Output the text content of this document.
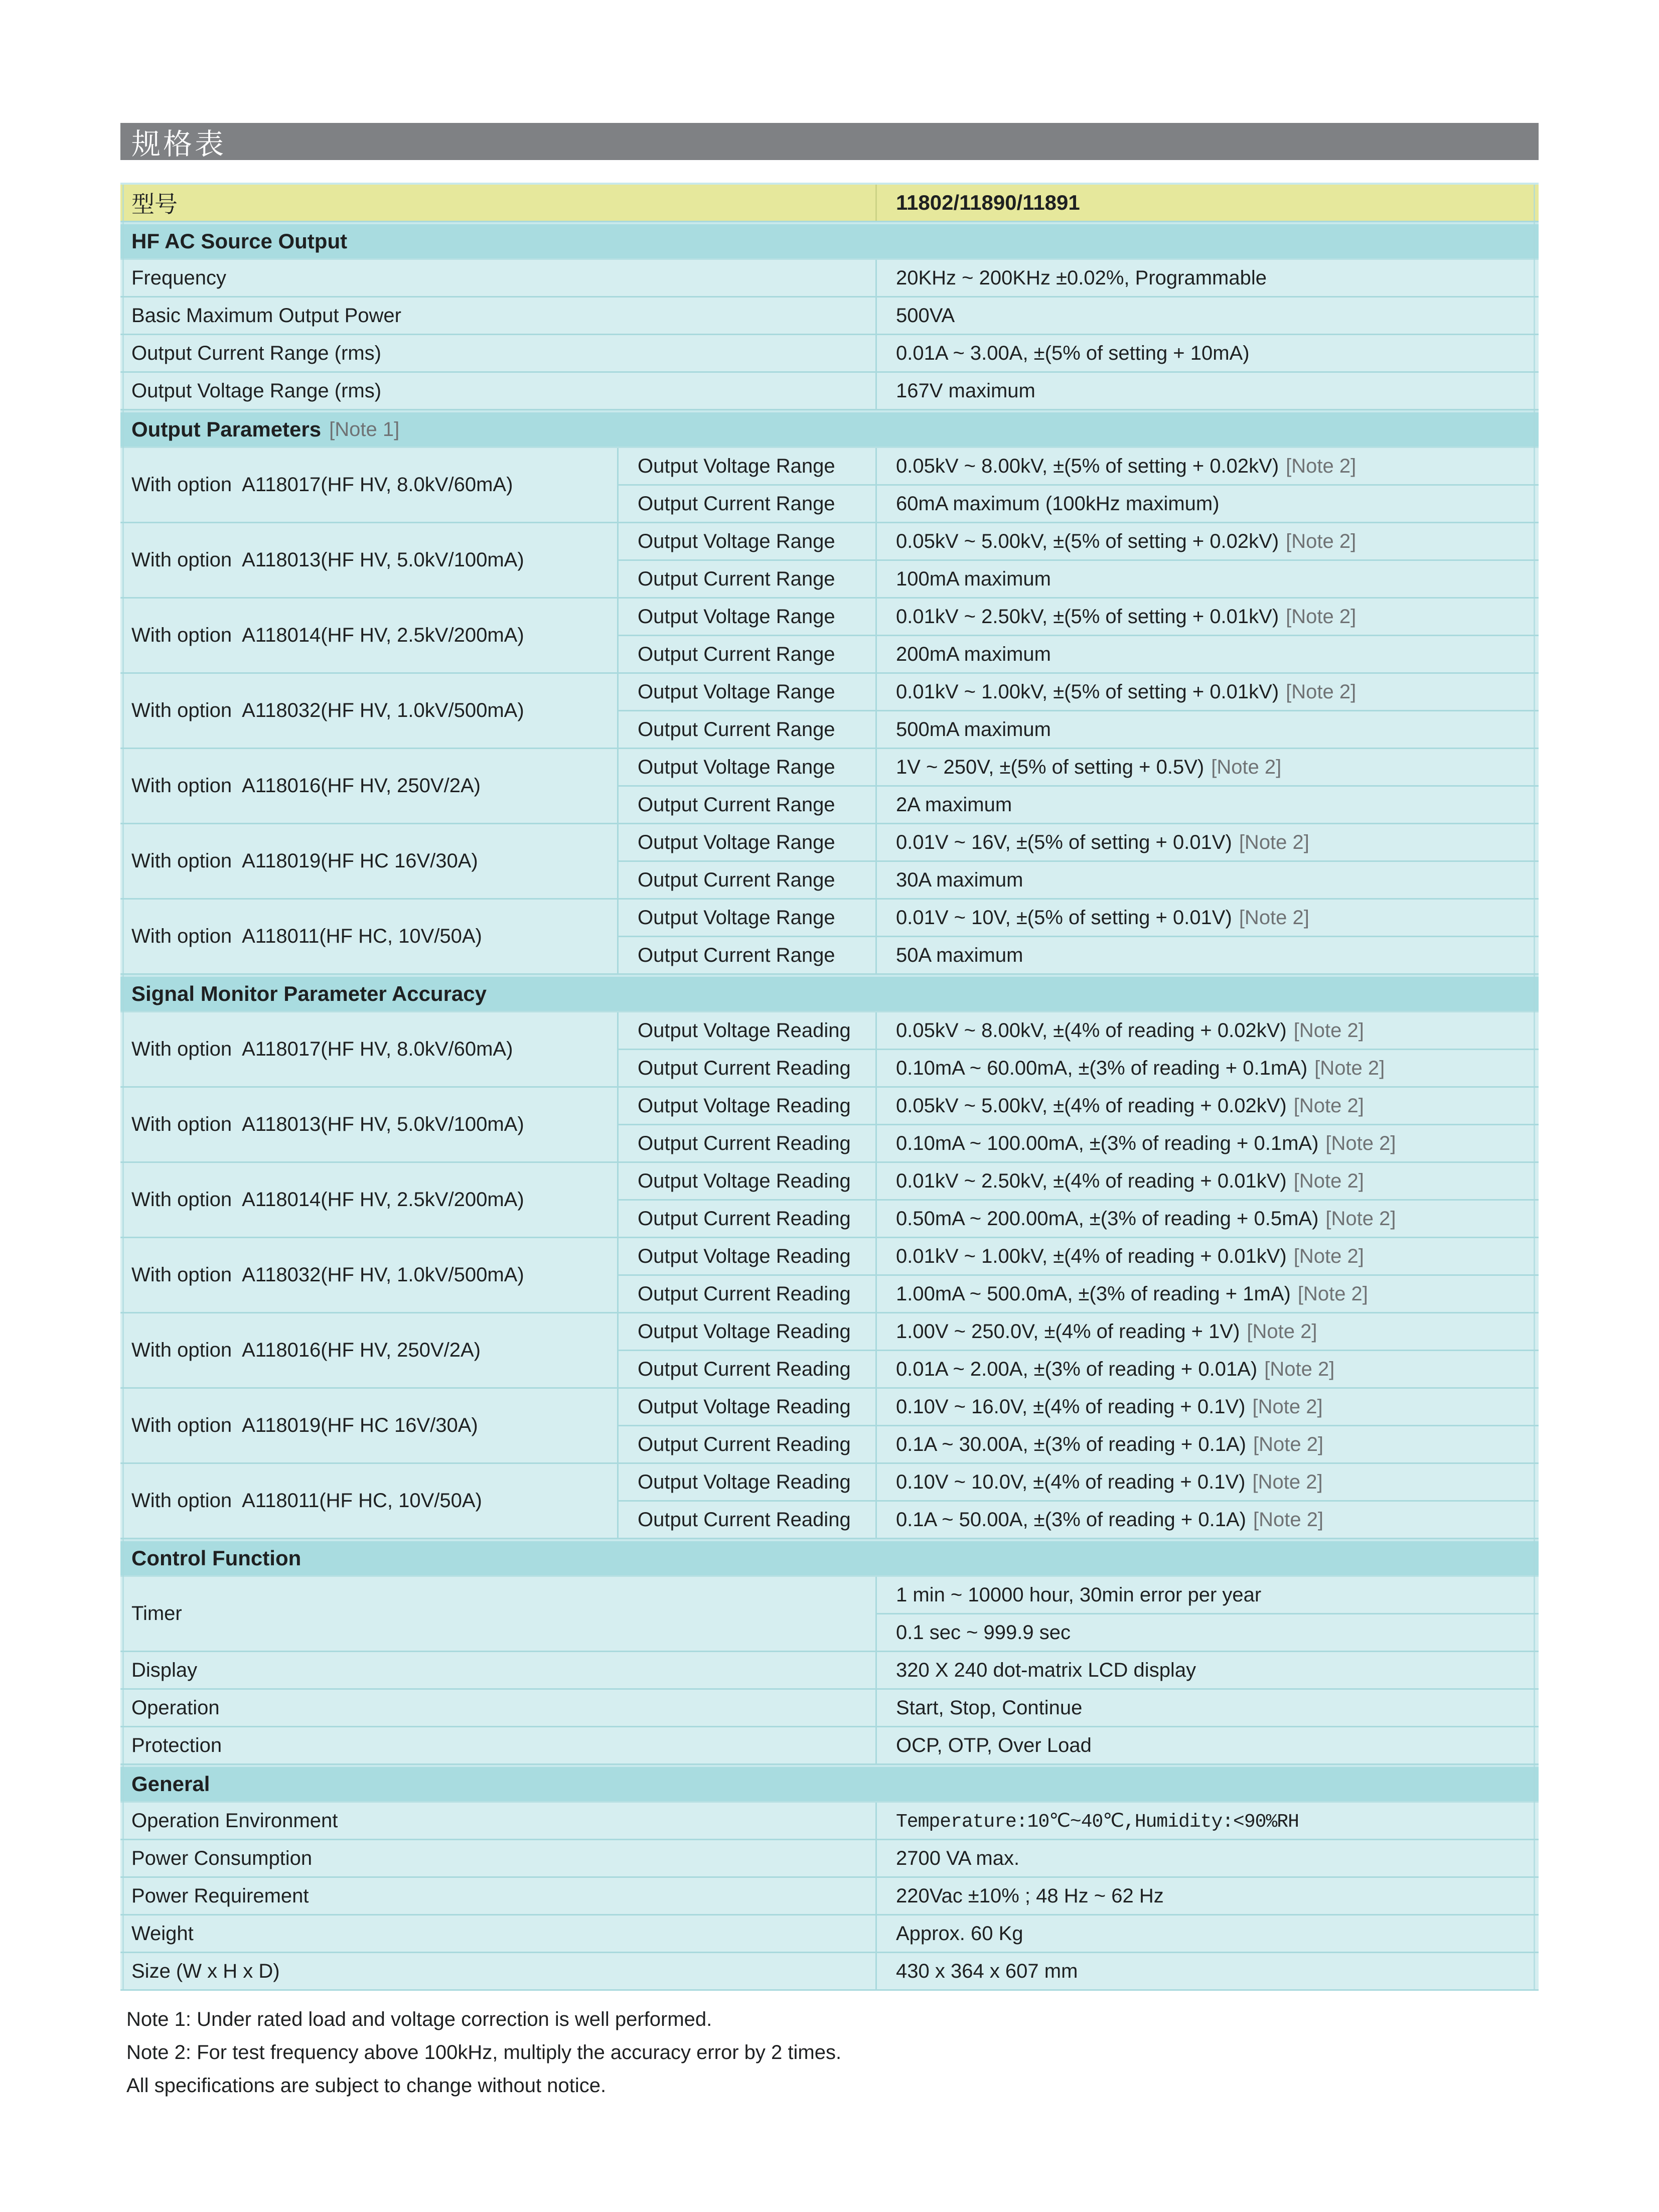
规格表
型号	11802/11890/11891
HF AC Source Output
Frequency	20KHz ~ 200KHz ±0.02%, Programmable
Basic Maximum Output Power	500VA
Output Current Range (rms)	0.01A ~ 3.00A, ±(5% of setting + 10mA)
Output Voltage Range (rms)	167V maximum
Output Parameters [Note 1]
With option  A118017(HF HV, 8.0kV/60mA)
Output Voltage Range	0.05kV ~ 8.00kV, ±(5% of setting + 0.02kV) [Note 2]
Output Current Range	60mA maximum (100kHz maximum)
With option  A118013(HF HV, 5.0kV/100mA)
Output Voltage Range	0.05kV ~ 5.00kV, ±(5% of setting + 0.02kV) [Note 2]
Output Current Range	100mA maximum
With option  A118014(HF HV, 2.5kV/200mA)
Output Voltage Range	0.01kV ~ 2.50kV, ±(5% of setting + 0.01kV) [Note 2]
Output Current Range	200mA maximum
With option  A118032(HF HV, 1.0kV/500mA)
Output Voltage Range	0.01kV ~ 1.00kV, ±(5% of setting + 0.01kV) [Note 2]
Output Current Range	500mA maximum
With option  A118016(HF HV, 250V/2A)
Output Voltage Range	1V ~ 250V, ±(5% of setting + 0.5V) [Note 2]
Output Current Range	2A maximum
With option  A118019(HF HC 16V/30A)
Output Voltage Range	0.01V ~ 16V, ±(5% of setting + 0.01V) [Note 2]
Output Current Range	30A maximum
With option  A118011(HF HC, 10V/50A)
Output Voltage Range	0.01V ~ 10V, ±(5% of setting + 0.01V) [Note 2]
Output Current Range	50A maximum
Signal Monitor Parameter Accuracy
With option  A118017(HF HV, 8.0kV/60mA)
Output Voltage Reading	0.05kV ~ 8.00kV, ±(4% of reading + 0.02kV) [Note 2]
Output Current Reading	0.10mA ~ 60.00mA, ±(3% of reading + 0.1mA) [Note 2]
With option  A118013(HF HV, 5.0kV/100mA)
Output Voltage Reading	0.05kV ~ 5.00kV, ±(4% of reading + 0.02kV) [Note 2]
Output Current Reading	0.10mA ~ 100.00mA, ±(3% of reading + 0.1mA) [Note 2]
With option  A118014(HF HV, 2.5kV/200mA)
Output Voltage Reading	0.01kV ~ 2.50kV, ±(4% of reading + 0.01kV) [Note 2]
Output Current Reading	0.50mA ~ 200.00mA, ±(3% of reading + 0.5mA) [Note 2]
With option  A118032(HF HV, 1.0kV/500mA)
Output Voltage Reading	0.01kV ~ 1.00kV, ±(4% of reading + 0.01kV) [Note 2]
Output Current Reading	1.00mA ~ 500.0mA, ±(3% of reading + 1mA) [Note 2]
With option  A118016(HF HV, 250V/2A)
Output Voltage Reading	1.00V ~ 250.0V, ±(4% of reading + 1V) [Note 2]
Output Current Reading	0.01A ~ 2.00A, ±(3% of reading + 0.01A) [Note 2]
With option  A118019(HF HC 16V/30A)
Output Voltage Reading	0.10V ~ 16.0V, ±(4% of reading + 0.1V) [Note 2]
Output Current Reading	0.1A ~ 30.00A, ±(3% of reading + 0.1A) [Note 2]
With option  A118011(HF HC, 10V/50A)
Output Voltage Reading	0.10V ~ 10.0V, ±(4% of reading + 0.1V) [Note 2]
Output Current Reading	0.1A ~ 50.00A, ±(3% of reading + 0.1A) [Note 2]
Control Function
Timer
1 min ~ 10000 hour, 30min error per year
0.1 sec ~ 999.9 sec
Display	320 X 240 dot-matrix LCD display
Operation	Start, Stop, Continue
Protection	OCP, OTP, Over Load
General
Operation Environment	Temperature:10℃~40℃,Humidity:<90%RH
Power Consumption	2700 VA max.
Power Requirement	220Vac ±10% ; 48 Hz ~ 62 Hz
Weight	Approx. 60 Kg
Size (W x H x D)	430 x 364 x 607 mm
Note 1: Under rated load and voltage correction is well performed.
Note 2: For test frequency above 100kHz, multiply the accuracy error by 2 times.
All specifications are subject to change without notice.
